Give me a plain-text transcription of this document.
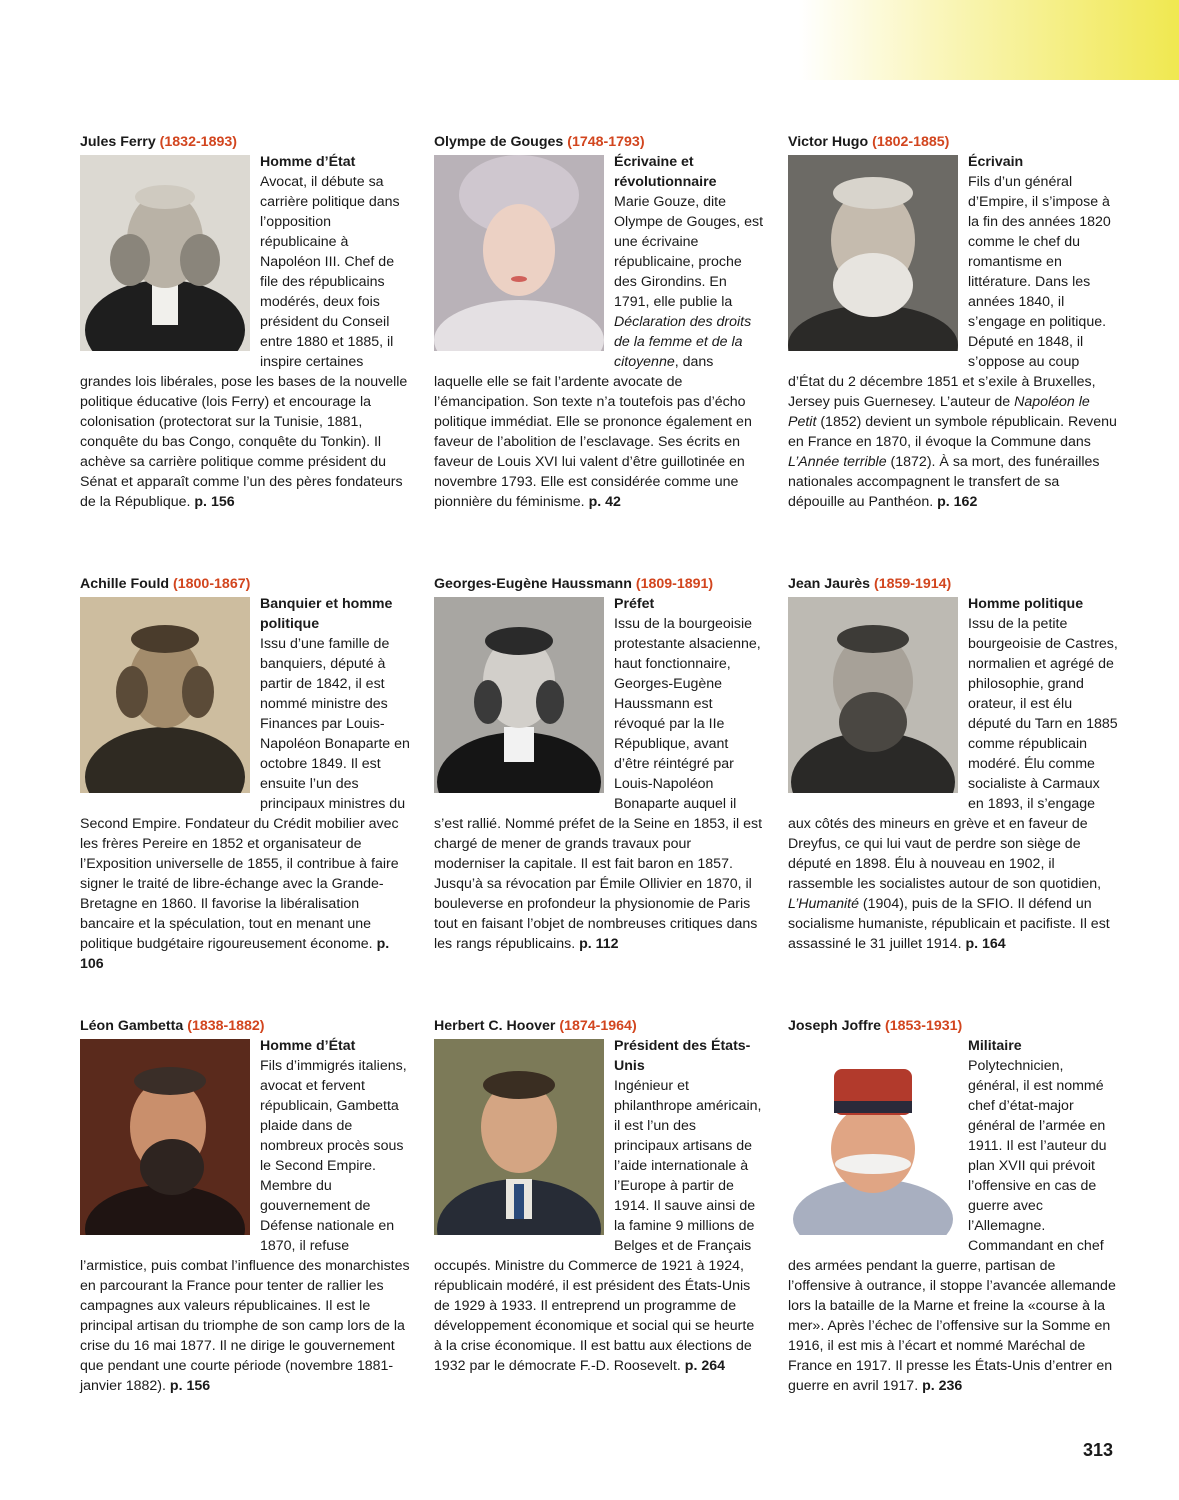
Jules Ferry (1832-1893)
Homme d’État
Avocat, il débute sa carrière politique dans l’opposition républicaine à Napoléon III. Chef de file des républicains modérés, deux fois président du Conseil entre 1880 et 1885, il inspire certaines grandes lois libérales, pose les bases de la nouvelle politique éducative (lois Ferry) et encourage la colonisation (protectorat sur la Tunisie, 1881, conquête du bas Congo, conquête du Tonkin). Il achève sa carrière politique comme président du Sénat et apparaît comme l’un des pères fondateurs de la République. p. 156
Olympe de Gouges (1748-1793)
Écrivaine et révolutionnaire
Marie Gouze, dite Olympe de Gouges, est une écrivaine républicaine, proche des Girondins. En 1791, elle publie la Déclaration des droits de la femme et de la citoyenne, dans laquelle elle se fait l’ardente avocate de l’émancipation. Son texte n’a toutefois pas d’écho politique immédiat. Elle se prononce également en faveur de l’abolition de l’esclavage. Ses écrits en faveur de Louis XVI lui valent d’être guillotinée en novembre 1793. Elle est considérée comme une pionnière du féminisme. p. 42
Victor Hugo (1802-1885)
Écrivain
Fils d’un général d’Empire, il s’impose à la fin des années 1820 comme le chef du romantisme en littérature. Dans les années 1840, il s’engage en politique. Député en 1848, il s’oppose au coup d’État du 2 décembre 1851 et s’exile à Bruxelles, Jersey puis Guernesey. L’auteur de Napoléon le Petit (1852) devient un symbole républicain. Revenu en France en 1870, il évoque la Commune dans L’Année terrible (1872). À sa mort, des funérailles nationales accompagnent le transfert de sa dépouille au Panthéon. p. 162
Achille Fould (1800-1867)
Banquier et homme politique
Issu d’une famille de banquiers, député à partir de 1842, il est nommé ministre des Finances par Louis-Napoléon Bonaparte en octobre 1849. Il est ensuite l’un des principaux ministres du Second Empire. Fondateur du Crédit mobilier avec les frères Pereire en 1852 et organisateur de l’Exposition universelle de 1855, il contribue à faire signer le traité de libre-échange avec la Grande-Bretagne en 1860. Il favorise la libéralisation bancaire et la spéculation, tout en menant une politique budgétaire rigoureusement économe. p. 106
Georges-Eugène Haussmann (1809-1891)
Préfet
Issu de la bourgeoisie protestante alsacienne, haut fonctionnaire, Georges-Eugène Haussmann est révoqué par la IIe République, avant d’être réintégré par Louis-Napoléon Bonaparte auquel il s’est rallié. Nommé préfet de la Seine en 1853, il est chargé de mener de grands travaux pour moderniser la capitale. Il est fait baron en 1857. Jusqu’à sa révocation par Émile Ollivier en 1870, il bouleverse en profondeur la physionomie de Paris tout en faisant l’objet de nombreuses critiques dans les rangs républicains. p. 112
Jean Jaurès (1859-1914)
Homme politique
Issu de la petite bourgeoisie de Castres, normalien et agrégé de philosophie, grand orateur, il est élu député du Tarn en 1885 comme républicain modéré. Élu comme socialiste à Carmaux en 1893, il s’engage aux côtés des mineurs en grève et en faveur de Dreyfus, ce qui lui vaut de perdre son siège de député en 1898. Élu à nouveau en 1902, il rassemble les socialistes autour de son quotidien, L’Humanité (1904), puis de la SFIO. Il défend un socialisme humaniste, républicain et pacifiste. Il est assassiné le 31 juillet 1914. p. 164
Léon Gambetta (1838-1882)
Homme d’État
Fils d’immigrés italiens, avocat et fervent républicain, Gambetta plaide dans de nombreux procès sous le Second Empire. Membre du gouvernement de Défense nationale en 1870, il refuse l’armistice, puis combat l’influence des monarchistes en parcourant la France pour tenter de rallier les campagnes aux valeurs républicaines. Il est le principal artisan du triomphe de son camp lors de la crise du 16 mai 1877. Il ne dirige le gouvernement que pendant une courte période (novembre 1881-janvier 1882). p. 156
Herbert C. Hoover (1874-1964)
Président des États-Unis
Ingénieur et philanthrope américain, il est l’un des principaux artisans de l’aide internationale à l’Europe à partir de 1914. Il sauve ainsi de la famine 9 millions de Belges et de Français occupés. Ministre du Commerce de 1921 à 1924, républicain modéré, il est président des États-Unis de 1929 à 1933. Il entreprend un programme de développement économique et social qui se heurte à la crise économique. Il est battu aux élections de 1932 par le démocrate F.-D. Roosevelt. p. 264
Joseph Joffre (1853-1931)
Militaire
Polytechnicien, général, il est nommé chef d’état-major général de l’armée en 1911. Il est l’auteur du plan XVII qui prévoit l’offensive en cas de guerre avec l’Allemagne. Commandant en chef des armées pendant la guerre, partisan de l’offensive à outrance, il stoppe l’avancée allemande lors la bataille de la Marne et freine la «course à la mer». Après l’échec de l’offensive sur la Somme en 1916, il est mis à l’écart et nommé Maréchal de France en 1917. Il presse les États-Unis d’entrer en guerre en avril 1917. p. 236
313
